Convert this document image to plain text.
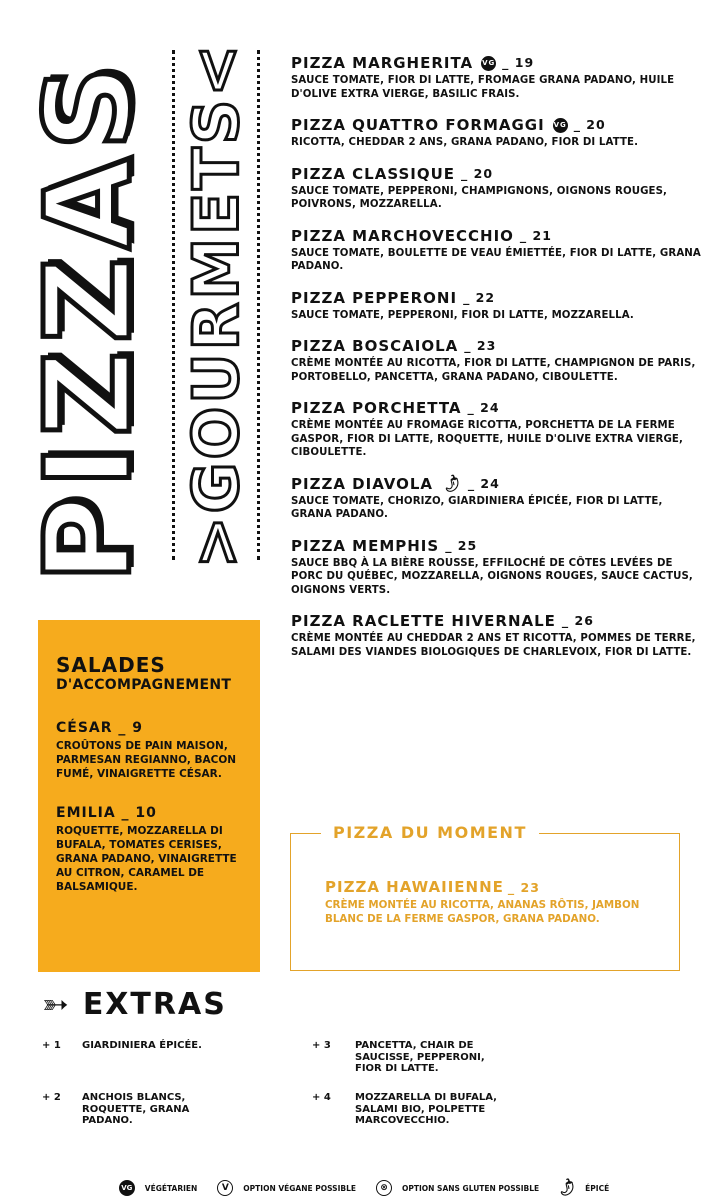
PIZZAS >GOURMETS<	PIZZA MARGHERITA VG _ 19

SAUCE TOMATE, FIOR DI LATTE, FROMAGE GRANA PADANO, HUILE D'OLIVE EXTRA VIERGE, BASILIC FRAIS.

PIZZA QUATTRO FORMAGGI VG _ 20

RICOTTA, CHEDDAR 2 ANS, GRANA PADANO, FIOR DI LATTE.

PIZZA CLASSIQUE _ 20

SAUCE TOMATE, PEPPERONI, CHAMPIGNONS, OIGNONS ROUGES, POIVRONS, MOZZARELLA.

PIZZA MARCHOVECCHIO _ 21

SAUCE TOMATE, BOULETTE DE VEAU ÉMIETTÉE, FIOR DI LATTE, GRANA PADANO.

PIZZA PEPPERONI _ 22

SAUCE TOMATE, PEPPERONI, FIOR DI LATTE, MOZZARELLA.

PIZZA BOSCAIOLA _ 23

CRÈME MONTÉE AU RICOTTA, FIOR DI LATTE, CHAMPIGNON DE PARIS, PORTOBELLO, PANCETTA, GRANA PADANO, CIBOULETTE.

PIZZA PORCHETTA _ 24

CRÈME MONTÉE AU FROMAGE RICOTTA, PORCHETTA DE LA FERME GASPOR, FIOR DI LATTE, ROQUETTE, HUILE D'OLIVE EXTRA VIERGE, CIBOULETTE.

PIZZA DIAVOLA 🌶 _ 24

SAUCE TOMATE, CHORIZO, GIARDINIERA ÉPICÉE, FIOR DI LATTE, GRANA PADANO.

PIZZA MEMPHIS _ 25

SAUCE BBQ À LA BIÈRE ROUSSE, EFFILOCHÉ DE CÔTES LEVÉES DE PORC DU QUÉBEC, MOZZARELLA, OIGNONS ROUGES, SAUCE CACTUS, OIGNONS VERTS.

PIZZA RACLETTE HIVERNALE _ 26

CRÈME MONTÉE AU CHEDDAR 2 ANS ET RICOTTA, POMMES DE TERRE, SALAMI DES VIANDES BIOLOGIQUES DE CHARLEVOIX, FIOR DI LATTE.

SALADES
D'ACCOMPAGNEMENT
CÉSAR _ 9

CROÛTONS DE PAIN MAISON, PARMESAN REGIANNO, BACON FUMÉ, VINAIGRETTE CÉSAR.

EMILIA _ 10

ROQUETTE, MOZZARELLA DI BUFALA, TOMATES CERISES, GRANA PADANO, VINAIGRETTE AU CITRON, CARAMEL DE BALSAMIQUE.

PIZZA DU MOMENT
PIZZA HAWAIIENNE _ 23

CRÈME MONTÉE AU RICOTTA, ANANAS RÔTIS, JAMBON BLANC DE LA FERME GASPOR, GRANA PADANO.

➳ EXTRAS
+ 1	GIARDINIERA ÉPICÉE.
+ 2	ANCHOIS BLANCS, ROQUETTE, GRANA PADANO.
+ 3	PANCETTA, CHAIR DE SAUCISSE, PEPPERONI, FIOR DI LATTE.
+ 4	MOZZARELLA DI BUFALA, SALAMI BIO, POLPETTE MARCOVECCHIO.
VG	VÉGÉTARIEN	V	OPTION VÉGANE POSSIBLE	⊗	OPTION SANS GLUTEN POSSIBLE 🌶 ÉPICÉ
